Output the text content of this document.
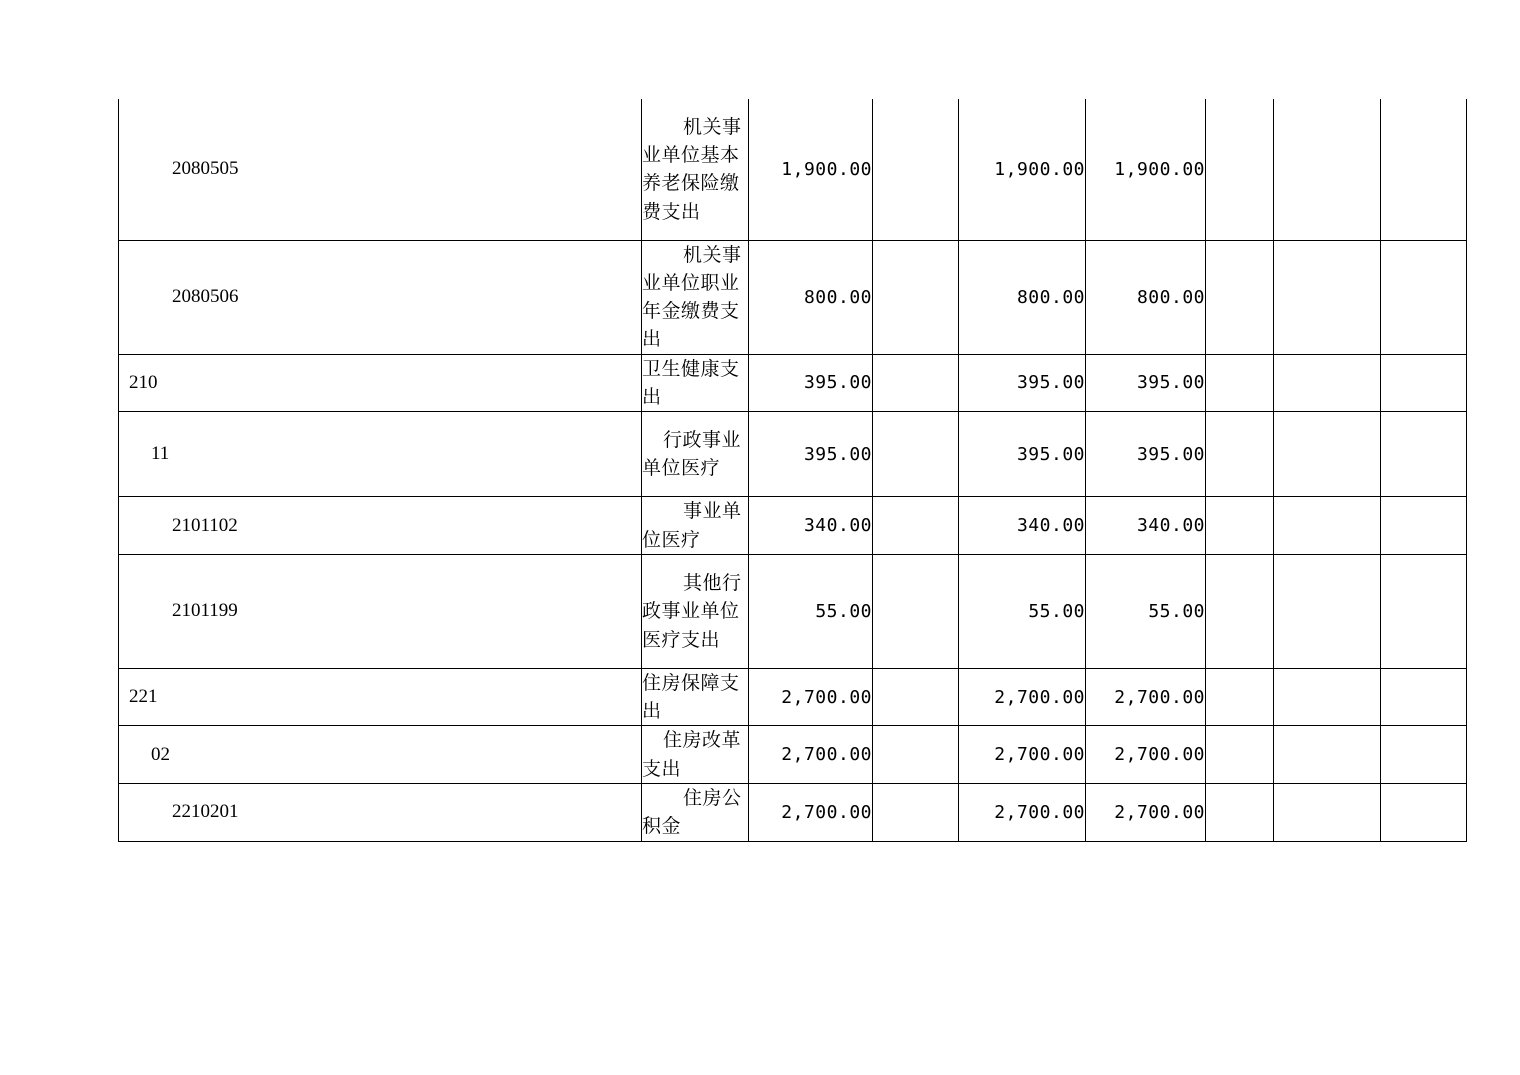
2080505	机关事业单位基本养老保险缴费支出	1,900.00		1,900.00	1,900.00			
2080506	机关事业单位职业年金缴费支出	800.00		800.00	800.00			
210	卫生健康支出	395.00		395.00	395.00			
11	行政事业单位医疗	395.00		395.00	395.00			
2101102	事业单位医疗	340.00		340.00	340.00			
2101199	其他行政事业单位医疗支出	55.00		55.00	55.00			
221	住房保障支出	2,700.00		2,700.00	2,700.00			
02	住房改革支出	2,700.00		2,700.00	2,700.00			
2210201	住房公积金	2,700.00		2,700.00	2,700.00			
